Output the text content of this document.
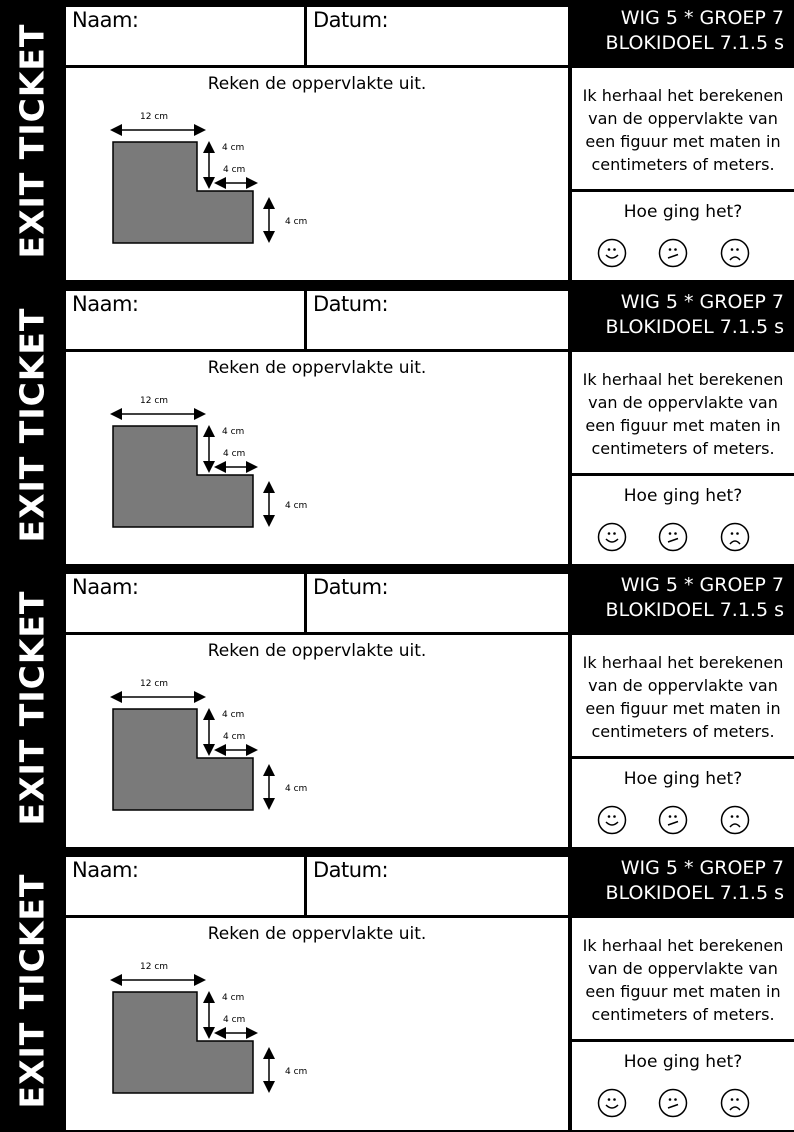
EXIT TICKET
Naam:	Datum:	WIG 5 * GROEP 7
BLOKIDOEL 7.1.5 s
Reken de oppervlakte uit.
12 cm
4 cm
4 cm
4 cm
Ik herhaal het berekenen van de oppervlakte van een figuur met maten in centimeters of meters.
Hoe ging het?
EXIT TICKET
Naam:	Datum:	WIG 5 * GROEP 7
BLOKIDOEL 7.1.5 s
Reken de oppervlakte uit.
12 cm
4 cm
4 cm
4 cm
Ik herhaal het berekenen van de oppervlakte van een figuur met maten in centimeters of meters.
Hoe ging het?
EXIT TICKET
Naam:	Datum:	WIG 5 * GROEP 7
BLOKIDOEL 7.1.5 s
Reken de oppervlakte uit.
12 cm
4 cm
4 cm
4 cm
Ik herhaal het berekenen van de oppervlakte van een figuur met maten in centimeters of meters.
Hoe ging het?
EXIT TICKET
Naam:	Datum:	WIG 5 * GROEP 7
BLOKIDOEL 7.1.5 s
Reken de oppervlakte uit.
12 cm
4 cm
4 cm
4 cm
Ik herhaal het berekenen van de oppervlakte van een figuur met maten in centimeters of meters.
Hoe ging het?
